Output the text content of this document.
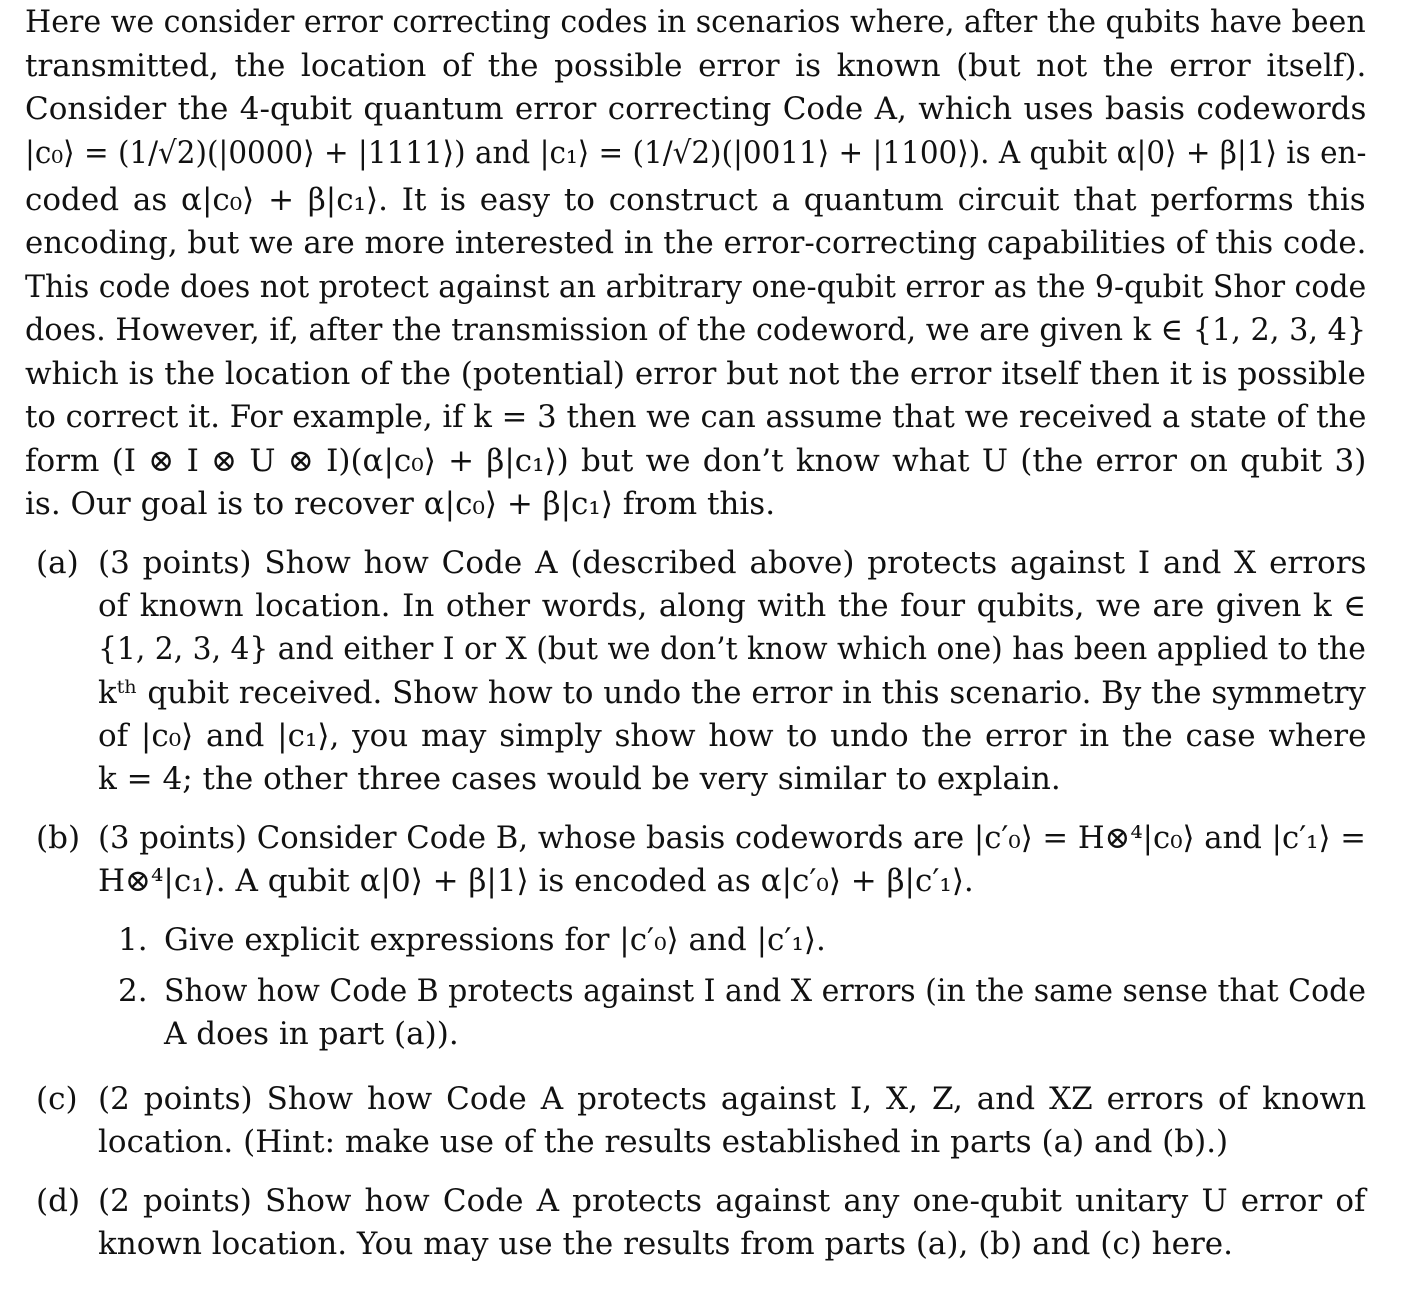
Here we consider error correcting codes in scenarios where, after the qubits have been
transmitted, the location of the possible error is known (but not the error itself).
Consider the 4-qubit quantum error correcting Code A, which uses basis codewords
|c₀⟩ = (1/√2)(|0000⟩ + |1111⟩) and |c₁⟩ = (1/√2)(|0011⟩ + |1100⟩). A qubit α|0⟩ + β|1⟩ is en-
coded as α|c₀⟩ + β|c₁⟩. It is easy to construct a quantum circuit that performs this
encoding, but we are more interested in the error-correcting capabilities of this code.
This code does not protect against an arbitrary one-qubit error as the 9-qubit Shor code
does. However, if, after the transmission of the codeword, we are given k ∈ {1, 2, 3, 4}
which is the location of the (potential) error but not the error itself then it is possible
to correct it. For example, if k = 3 then we can assume that we received a state of the
form (I ⊗ I ⊗ U ⊗ I)(α|c₀⟩ + β|c₁⟩) but we don’t know what U (the error on qubit 3)
is. Our goal is to recover α|c₀⟩ + β|c₁⟩ from this.
(a) (3 points) Show how Code A (described above) protects against I and X errors
of known location. In other words, along with the four qubits, we are given k ∈
{1, 2, 3, 4} and either I or X (but we don’t know which one) has been applied to the
kᵗʰ qubit received. Show how to undo the error in this scenario. By the symmetry
of |c₀⟩ and |c₁⟩, you may simply show how to undo the error in the case where
k = 4; the other three cases would be very similar to explain.
(b) (3 points) Consider Code B, whose basis codewords are |c′₀⟩ = H⊗⁴|c₀⟩ and |c′₁⟩ =
H⊗⁴|c₁⟩. A qubit α|0⟩ + β|1⟩ is encoded as α|c′₀⟩ + β|c′₁⟩.
1. Give explicit expressions for |c′₀⟩ and |c′₁⟩.
2. Show how Code B protects against I and X errors (in the same sense that Code
A does in part (a)).
(c) (2 points) Show how Code A protects against I, X, Z, and XZ errors of known
location. (Hint: make use of the results established in parts (a) and (b).)
(d) (2 points) Show how Code A protects against any one-qubit unitary U error of
known location. You may use the results from parts (a), (b) and (c) here.
